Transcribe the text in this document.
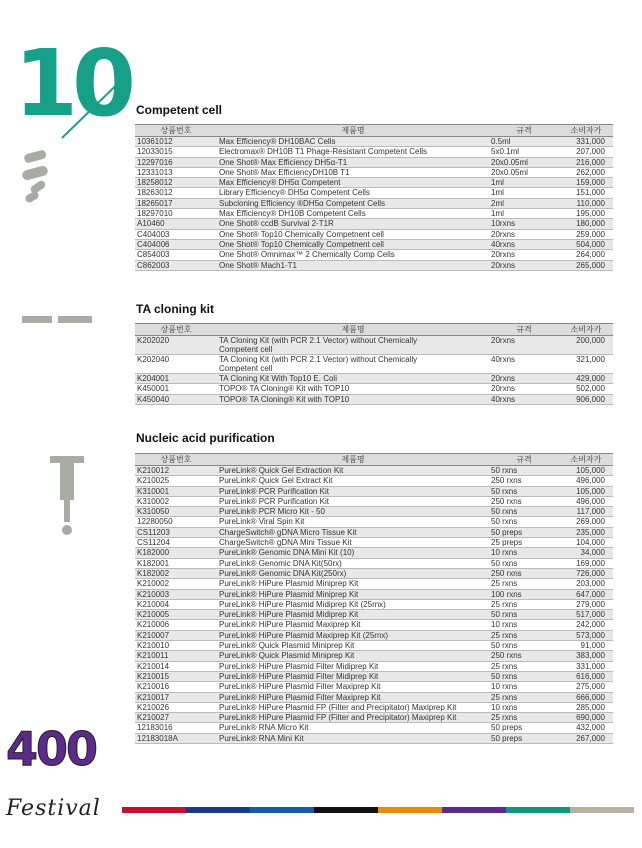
10
400
Festival
Competent cell
상품번호	제품명	규격	소비자가
10361012	Max Efficiency® DH10BAC Cells	0.5ml	331,000
12033015	Electromax® DH10B T1 Phage-Resistant Competent Cells	5x0.1ml	207,000
12297016	One Shot® Max Efficiency DH5α-T1	20x0.05ml	216,000
12331013	One Shot® Max EfficiencyDH10B T1	20x0.05ml	262,000
18258012	Max Efficiency® DH5α Competent	1ml	159,000
18263012	Library Efficiency® DH5α Competent Cells	1ml	151,000
18265017	Subcloning Efficiency ®DH5α Competent Cells	2ml	110,000
18297010	Max Efficiency® DH10B Competent Cells	1ml	195,000
A10460	One Shot® ccdB Survival 2-T1R	10rxns	180,000
C404003	One Shot® Top10 Chemically Competnent cell	20rxns	259,000
C404006	One Shot® Top10 Chemically Competnent cell	40rxns	504,000
C854003	One Shot® Omnimax™ 2 Chemically Comp Cells	20rxns	264,000
C862003	One Shot® Mach1-T1	20rxns	265,000
TA cloning kit
상품번호	제품명	규격	소비자가
K202020	TA Cloning Kit (with PCR 2.1 Vector) without Chemically
Competent cell	20rxns	200,000
K202040	TA Cloning Kit (with PCR 2.1 Vector) without Chemically
Competent cell	40rxns	321,000
K204001	TA Cloning Kit With Top10 E. Coli	20rxns	429,000
K450001	TOPO® TA Cloning® Kit with TOP10	20rxns	502,000
K450040	TOPO® TA Cloning® Kit with TOP10	40rxns	906,000
Nucleic acid purification
상품번호	제품명	규격	소비자가
K210012	PureLink® Quick Gel Extraction Kit	50 rxns	105,000
K210025	PureLink® Quick Gel Extract Kit	250 rxns	496,000
K310001	PureLink® PCR Purification Kit	50 rxns	105,000
K310002	PureLink® PCR Purification Kit	250 rxns	496,000
K310050	PureLink® PCR Micro Kit - 50	50 rxns	117,000
12280050	PureLink® Viral Spin Kit	50 rxns	269,000
CS11203	ChargeSwitch® gDNA Micro Tissue Kit	50 preps	235,000
CS11204	ChargeSwitch® gDNA Mini Tissue Kit	25 preps	104,000
K182000	PureLink® Genomic DNA Mini Kit (10)	10 rxns	34,000
K182001	PureLink® Genomic DNA Kit(50rx)	50 rxns	169,000
K182002	PureLink® Genomic DNA Kit(250rx)	250 rxns	726,000
K210002	PureLink® HiPure Plasmid Miniprep Kit	25 rxns	203,000
K210003	PureLink® HiPure Plasmid Miniprep Kit	100 rxns	647,000
K210004	PureLink® HiPure Plasmid Midiprep Kit (25rnx)	25 rxns	279,000
K210005	PureLink® HiPure Plasmid Midiprep Kit	50 rxns	517,000
K210006	PureLink® HiPure Plasmid Maxiprep Kit	10 rxns	242,000
K210007	PureLink® HiPure Plasmid Maxiprep Kit (25rnx)	25 rxns	573,000
K210010	PureLink® Quick Plasmid Miniprep Kit	50 rxns	91,000
K210011	PureLink® Quick Plasmid Miniprep Kit	250 rxns	383,000
K210014	PureLink® HiPure Plasmid Filter Midiprep Kit	25 rxns	331,000
K210015	PureLink® HiPure Plasmid Filter Midiprep Kit	50 rxns	616,000
K210016	PureLink® HiPure Plasmid Filter Maxiprep Kit	10 rxns	275,000
K210017	PureLink® HiPure Plasmid Filter Maxiprep Kit	25 rxns	666,000
K210026	PureLink® HiPure Plasmid FP (Filter and Precipitator) Maxiprep Kit	10 rxns	285,000
K210027	PureLink® HiPure Plasmid FP (Filter and Precipitator) Maxiprep Kit	25 rxns	690,000
12183016	PureLink® RNA Micro Kit	50 preps	432,000
12183018A	PureLink® RNA Mini Kit	50 preps	267,000
